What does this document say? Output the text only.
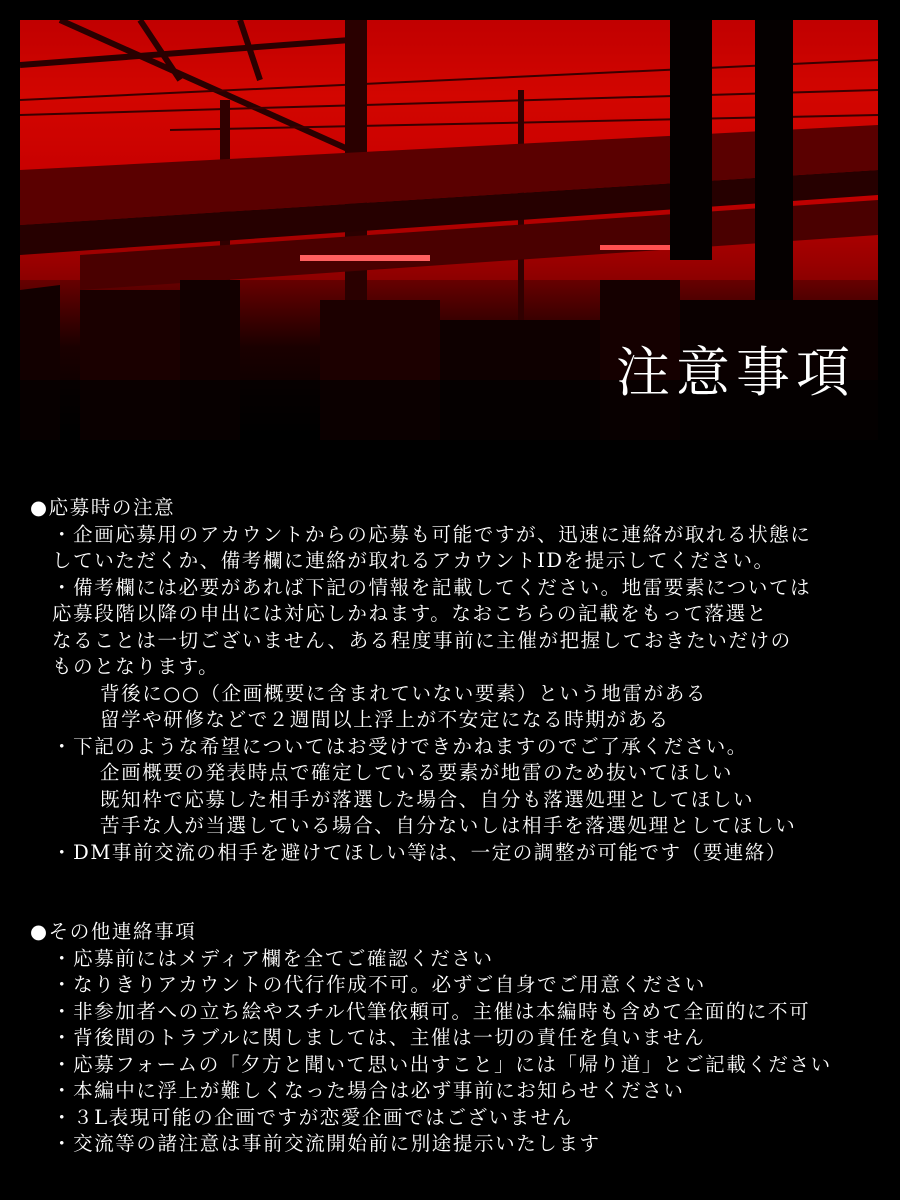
注意事項
●応募時の注意
・企画応募用のアカウントからの応募も可能ですが、迅速に連絡が取れる状態に
していただくか、備考欄に連絡が取れるアカウントIDを提示してください。
・備考欄には必要があれば下記の情報を記載してください。地雷要素については
応募段階以降の申出には対応しかねます。なおこちらの記載をもって落選と
なることは一切ございません、ある程度事前に主催が把握しておきたいだけの
ものとなります。
背後に○○（企画概要に含まれていない要素）という地雷がある
留学や研修などで２週間以上浮上が不安定になる時期がある
・下記のような希望についてはお受けできかねますのでご了承ください。
企画概要の発表時点で確定している要素が地雷のため抜いてほしい
既知枠で応募した相手が落選した場合、自分も落選処理としてほしい
苦手な人が当選している場合、自分ないしは相手を落選処理としてほしい
・DM事前交流の相手を避けてほしい等は、一定の調整が可能です（要連絡）
●その他連絡事項
・応募前にはメディア欄を全てご確認ください
・なりきりアカウントの代行作成不可。必ずご自身でご用意ください
・非参加者への立ち絵やスチル代筆依頼可。主催は本編時も含めて全面的に不可
・背後間のトラブルに関しましては、主催は一切の責任を負いません
・応募フォームの「夕方と聞いて思い出すこと」には「帰り道」とご記載ください
・本編中に浮上が難しくなった場合は必ず事前にお知らせください
・３L表現可能の企画ですが恋愛企画ではございません
・交流等の諸注意は事前交流開始前に別途提示いたします
